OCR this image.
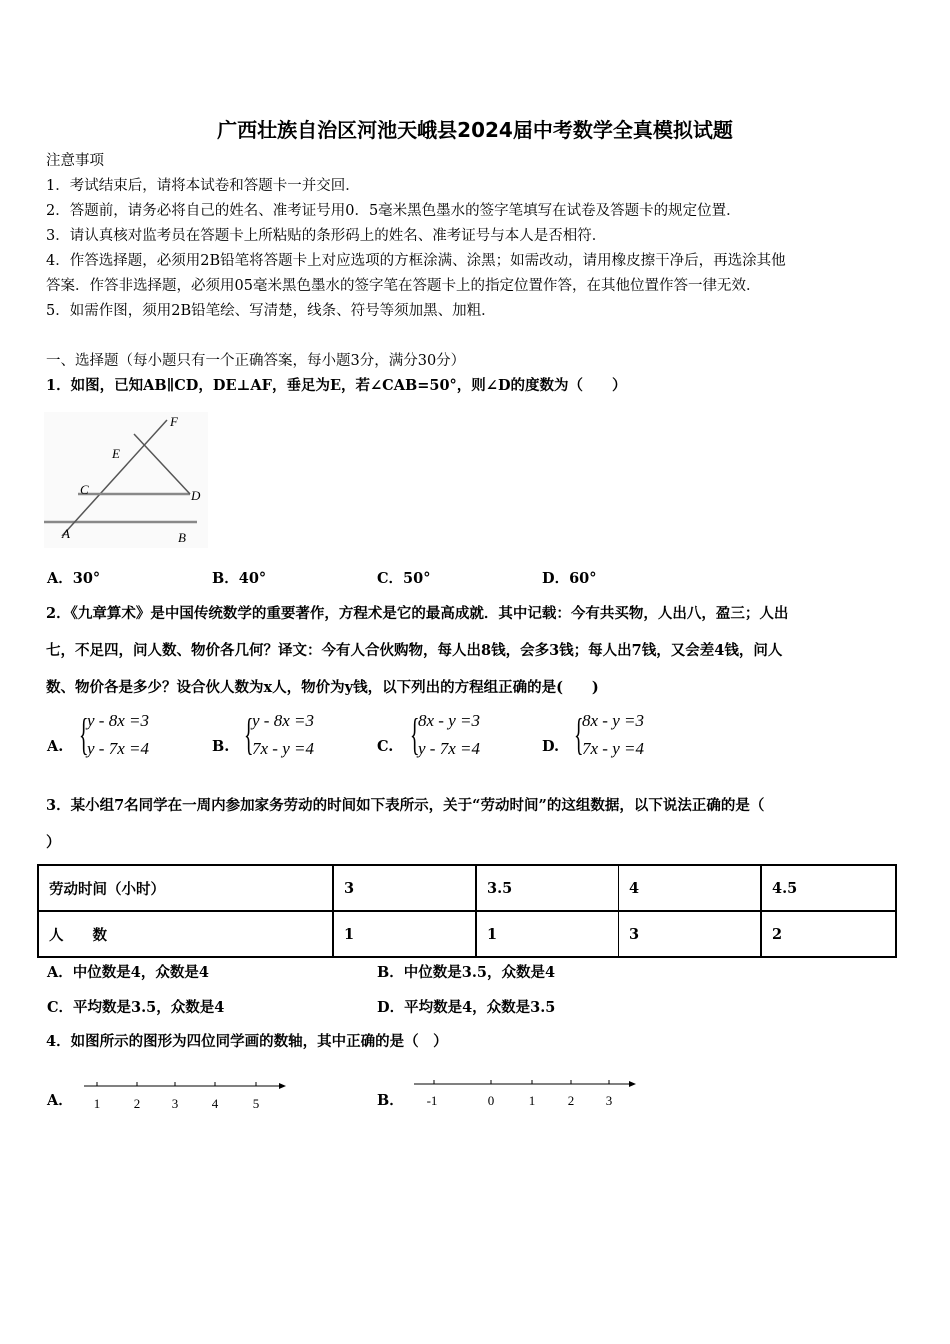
广西壮族自治区河池天峨县2024届中考数学全真模拟试题
注意事项
1．考试结束后，请将本试卷和答题卡一并交回．
2．答题前，请务必将自己的姓名、准考证号用0．5毫米黑色墨水的签字笔填写在试卷及答题卡的规定位置．
3．请认真核对监考员在答题卡上所粘贴的条形码上的姓名、准考证号与本人是否相符．
4．作答选择题，必须用2B铅笔将答题卡上对应选项的方框涂满、涂黑；如需改动，请用橡皮擦干净后，再选涂其他
答案．作答非选择题，必须用05毫米黑色墨水的签字笔在答题卡上的指定位置作答，在其他位置作答一律无效．
5．如需作图，须用2B铅笔绘、写清楚，线条、符号等须加黑、加粗．
一、选择题（每小题只有一个正确答案，每小题3分，满分30分）
1．如图，已知AB∥CD，DE⊥AF，垂足为E，若∠CAB=50°，则∠D的度数为（　　）
F
E
C	D
A	B
A．30°	B．40°	C．50°	D．60°
2．《九章算术》是中国传统数学的重要著作，方程术是它的最高成就．其中记载：今有共买物，人出八，盈三；人出
七，不足四，问人数、物价各几何？译文：今有人合伙购物，每人出8钱，会多3钱；每人出7钱，又会差4钱，问人
数、物价各是多少？设合伙人数为x人，物价为y钱，以下列出的方程组正确的是(　　)
A. {
y - 8x =3
y - 7x =4	B. {
y - 8x =3
7x - y =4	C. {
8x - y =3
y - 7x =4	D. {
8x - y =3
7x - y =4
3．某小组7名同学在一周内参加家务劳动的时间如下表所示，关于“劳动时间”的这组数据，以下说法正确的是（
）
劳动时间（小时）	3	3.5	4	4.5
人　　数	1	1	3	2
A．中位数是4，众数是4	B．中位数是3.5，众数是4
C．平均数是3.5，众数是4	D．平均数是4，众数是3.5
4．如图所示的图形为四位同学画的数轴，其中正确的是（　）
A． 1	2 3	4	5	B． -1	0	1	2 3
